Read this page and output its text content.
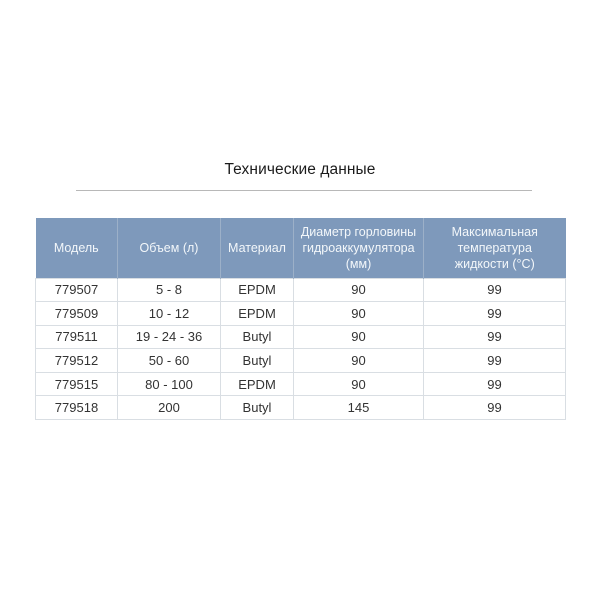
Технические данные
Модель	Объем (л)	Материал	Диаметр горловины гидроаккумулятора (мм)	Максимальная температура жидкости (°C)
779507	5 - 8	EPDM	90	99
779509	10 - 12	EPDM	90	99
779511	19 - 24 - 36	Butyl	90	99
779512	50 - 60	Butyl	90	99
779515	80 - 100	EPDM	90	99
779518	200	Butyl	145	99
